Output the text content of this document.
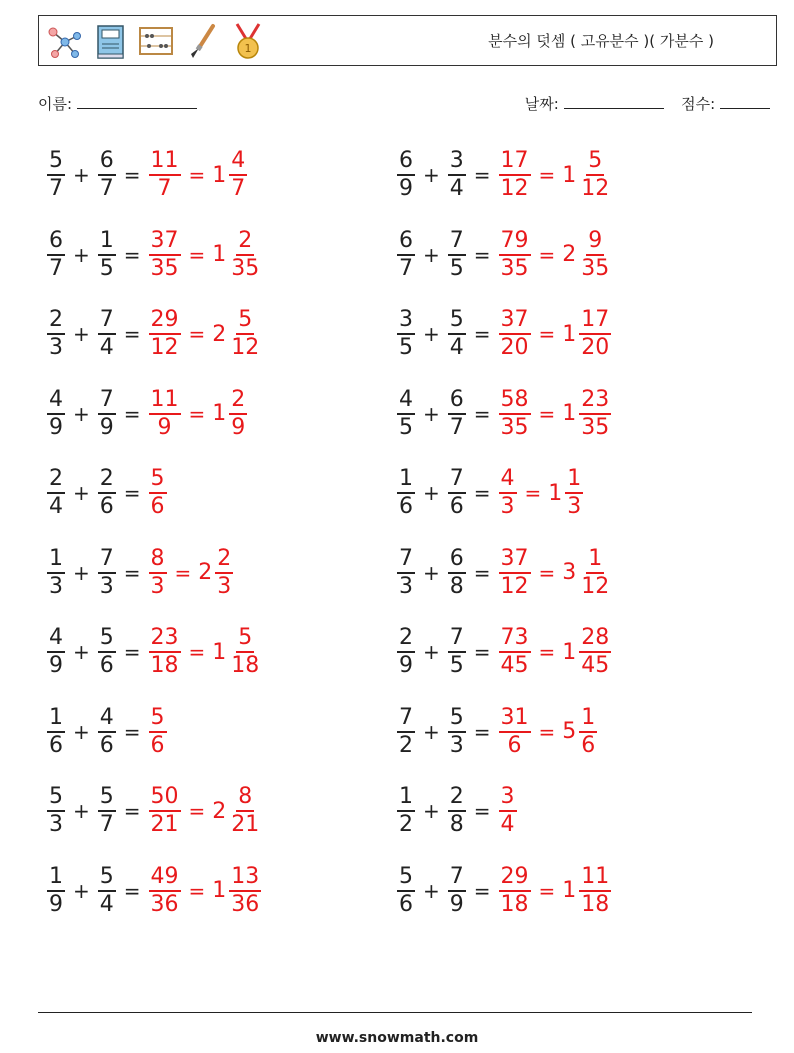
1	분수의 덧셈 ( 고유분수 )( 가분수 )
이름:	날짜:	점수:
$\frac{5}{7} + \frac{6}{7} = \frac{11}{7} = 1 \frac{4}{7}$	$\frac{6}{9} + \frac{3}{4} = \frac{17}{12} = 1 \frac{5}{12}$
$\frac{6}{7} + \frac{1}{5} = \frac{37}{35} = 1 \frac{2}{35}$	$\frac{6}{7} + \frac{7}{5} = \frac{79}{35} = 2 \frac{9}{35}$
$\frac{2}{3} + \frac{7}{4} = \frac{29}{12} = 2 \frac{5}{12}$	$\frac{3}{5} + \frac{5}{4} = \frac{37}{20} = 1 \frac{17}{20}$
$\frac{4}{9} + \frac{7}{9} = \frac{11}{9} = 1 \frac{2}{9}$	$\frac{4}{5} + \frac{6}{7} = \frac{58}{35} = 1 \frac{23}{35}$
$\frac{2}{4} + \frac{2}{6} = \frac{5}{6}$	$\frac{1}{6} + \frac{7}{6} = \frac{4}{3} = 1 \frac{1}{3}$
$\frac{1}{3} + \frac{7}{3} = \frac{8}{3} = 2 \frac{2}{3}$	$\frac{7}{3} + \frac{6}{8} = \frac{37}{12} = 3 \frac{1}{12}$
$\frac{4}{9} + \frac{5}{6} = \frac{23}{18} = 1 \frac{5}{18}$	$\frac{2}{9} + \frac{7}{5} = \frac{73}{45} = 1 \frac{28}{45}$
$\frac{1}{6} + \frac{4}{6} = \frac{5}{6}$	$\frac{7}{2} + \frac{5}{3} = \frac{31}{6} = 5 \frac{1}{6}$
$\frac{5}{3} + \frac{5}{7} = \frac{50}{21} = 2 \frac{8}{21}$	$\frac{1}{2} + \frac{2}{8} = \frac{3}{4}$
$\frac{1}{9} + \frac{5}{4} = \frac{49}{36} = 1 \frac{13}{36}$	$\frac{5}{6} + \frac{7}{9} = \frac{29}{18} = 1 \frac{11}{18}$
www.snowmath.com
